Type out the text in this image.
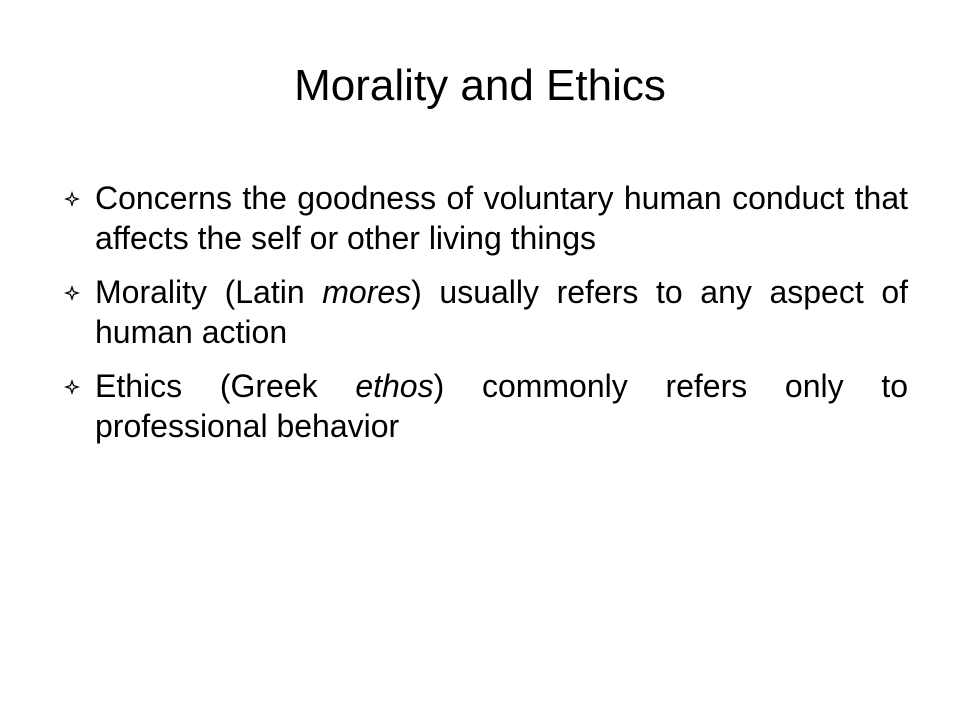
Morality and Ethics
Concerns the goodness of voluntary human conduct that affects the self or other living things
Morality (Latin mores) usually refers to any aspect of human action
Ethics (Greek ethos) commonly refers only to professional behavior
